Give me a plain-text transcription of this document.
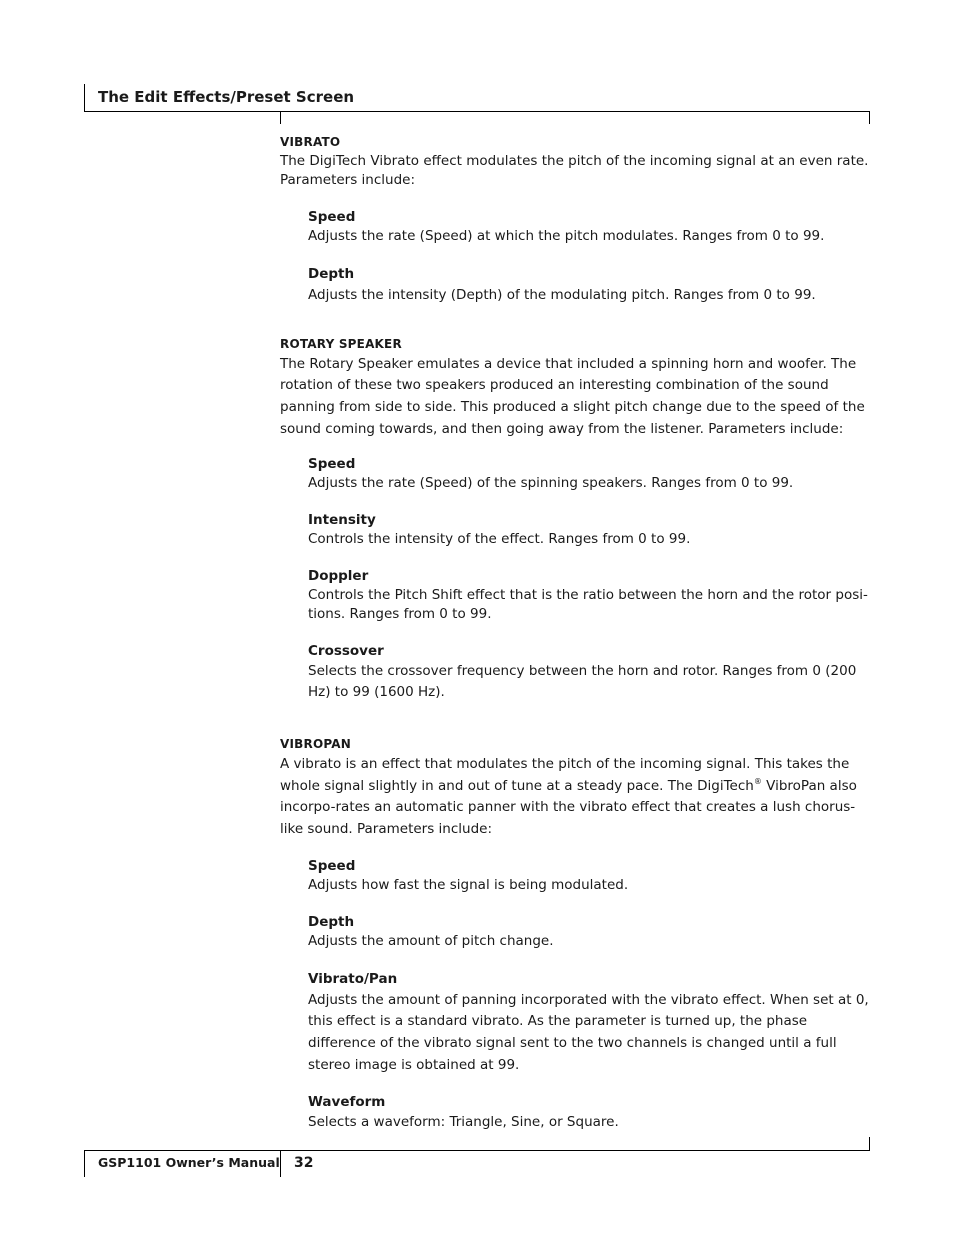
The Edit Effects/Preset Screen
VIBRATO

The DigiTech Vibrato effect modulates the pitch of the incoming signal at an even rate. Parameters include:

Speed

Adjusts the rate (Speed) at which the pitch modulates. Ranges from 0 to 99.

Depth

Adjusts the intensity (Depth) of the modulating pitch. Ranges from 0 to 99.

ROTARY SPEAKER

The Rotary Speaker emulates a device that included a spinning horn and woofer. The rotation of these two speakers produced an interesting combination of the sound panning from side to side. This produced a slight pitch change due to the speed of the sound coming towards, and then going away from the listener. Parameters include:

Speed

Adjusts the rate (Speed) of the spinning speakers. Ranges from 0 to 99.

Intensity

Controls the intensity of the effect. Ranges from 0 to 99.

Doppler

Controls the Pitch Shift effect that is the ratio between the horn and the rotor posi-tions. Ranges from 0 to 99.

Crossover

Selects the crossover frequency between the horn and rotor. Ranges from 0 (200 Hz) to 99 (1600 Hz).

VIBROPAN

A vibrato is an effect that modulates the pitch of the incoming signal. This takes the whole signal slightly in and out of tune at a steady pace. The DigiTech® VibroPan also incorpo-rates an automatic panner with the vibrato effect that creates a lush chorus-like sound. Parameters include:

Speed

Adjusts how fast the signal is being modulated.

Depth

Adjusts the amount of pitch change.

Vibrato/Pan

Adjusts the amount of panning incorporated with the vibrato effect. When set at 0, this effect is a standard vibrato. As the parameter is turned up, the phase difference of the vibrato signal sent to the two channels is changed until a full stereo image is obtained at 99.

Waveform

Selects a waveform: Triangle, Sine, or Square.

GSP1101 Owner’s Manual 32
